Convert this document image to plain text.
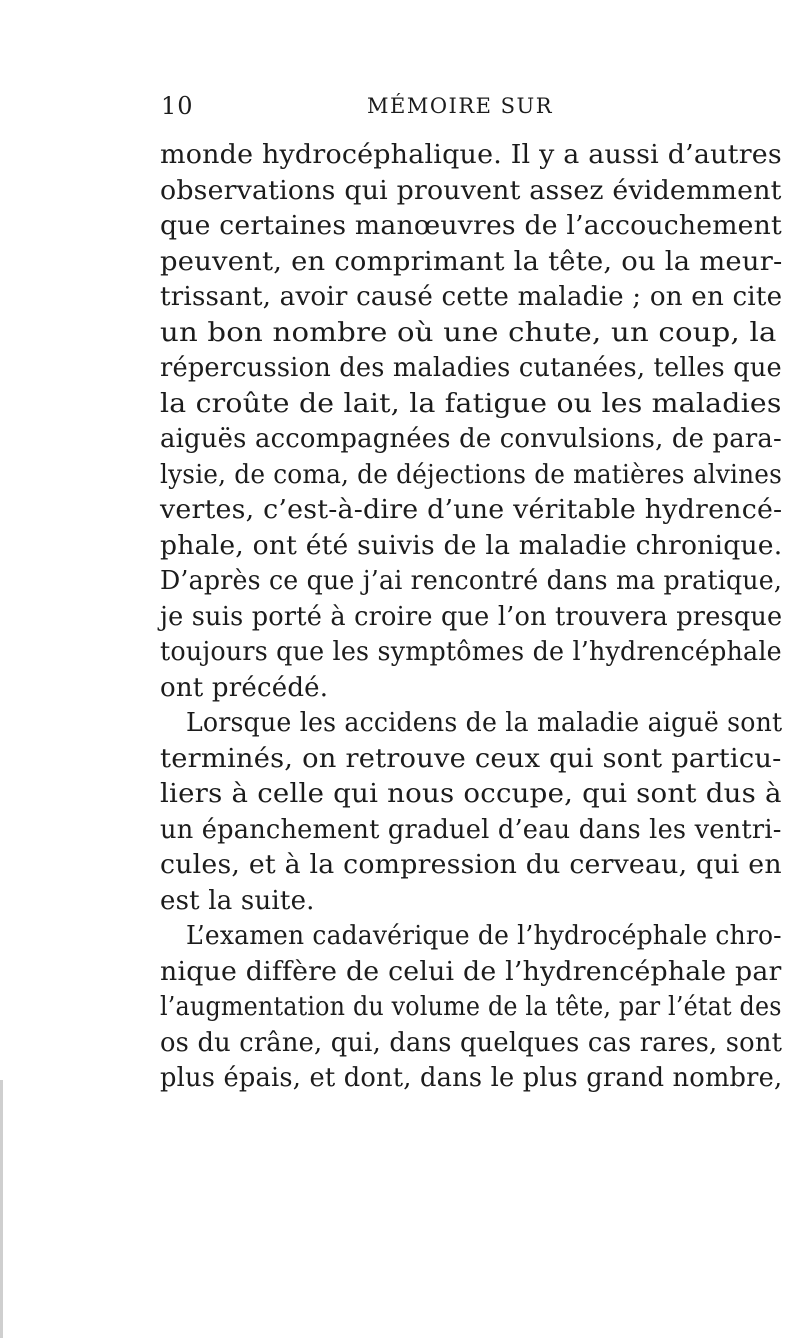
10	MÉMOIRE SUR
monde hydrocéphalique. Il y a aussi d’autres
observations qui prouvent assez évidemment
que certaines manœuvres de l’accouchement
peuvent, en comprimant la tête, ou la meur-
trissant, avoir causé cette maladie ; on en cite
un bon nombre où une chute, un coup, la
répercussion des maladies cutanées, telles que
la croûte de lait, la fatigue ou les maladies
aiguës accompagnées de convulsions, de para-
lysie, de coma, de déjections de matières alvines
vertes, c’est-à-dire d’une véritable hydrencé-
phale, ont été suivis de la maladie chronique.
D’après ce que j’ai rencontré dans ma pratique,
je suis porté à croire que l’on trouvera presque
toujours que les symptômes de l’hydrencéphale
ont précédé.
Lorsque les accidens de la maladie aiguë sont
terminés, on retrouve ceux qui sont particu-
liers à celle qui nous occupe, qui sont dus à
un épanchement graduel d’eau dans les ventri-
cules, et à la compression du cerveau, qui en
est la suite.
L’examen cadavérique de l’hydrocéphale chro-
nique diffère de celui de l’hydrencéphale par
l’augmentation du volume de la tête, par l’état des
os du crâne, qui, dans quelques cas rares, sont
plus épais, et dont, dans le plus grand nombre,
